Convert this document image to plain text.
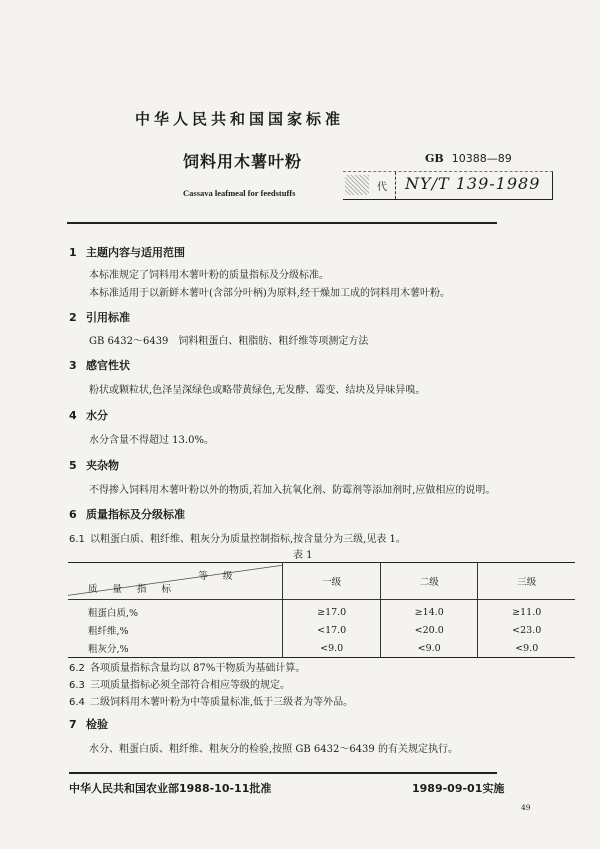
中华人民共和国国家标准
饲料用木薯叶粉	GB 10388—89
Cassava leafmeal for feedstuffs	代 NY/T 139-1989
1 主题内容与适用范围
本标准规定了饲料用木薯叶粉的质量指标及分级标准。
本标准适用于以新鲜木薯叶(含部分叶柄)为原料,经干燥加工成的饲料用木薯叶粉。
2 引用标准
GB 6432～6439　饲料粗蛋白、粗脂肪、粗纤维等项测定方法
3 感官性状
粉状或颗粒状,色泽呈深绿色或略带黄绿色,无发酵、霉变、结块及异味异嗅。
4 水分
水分含量不得超过 13.0%。
5 夹杂物
不得掺入饲料用木薯叶粉以外的物质,若加入抗氧化剂、防霉剂等添加剂时,应做相应的说明。
6 质量指标及分级标准
6.1 以粗蛋白质、粗纤维、粗灰分为质量控制指标,按含量分为三级,见表 1。
表 1
等 级
质 量 指 标	一级	二级	三级
粗蛋白质,%	≥17.0	≥14.0	≥11.0
粗纤维,%	<17.0	<20.0	<23.0
粗灰分,%	<9.0	<9.0	<9.0
6.2 各项质量指标含量均以 87%干物质为基础计算。
6.3 三项质量指标必须全部符合相应等级的规定。
6.4 二级饲料用木薯叶粉为中等质量标准,低于三级者为等外品。
7 检验
水分、粗蛋白质、粗纤维、粗灰分的检验,按照 GB 6432～6439 的有关规定执行。
中华人民共和国农业部1988-10-11批准	1989-09-01实施
49
